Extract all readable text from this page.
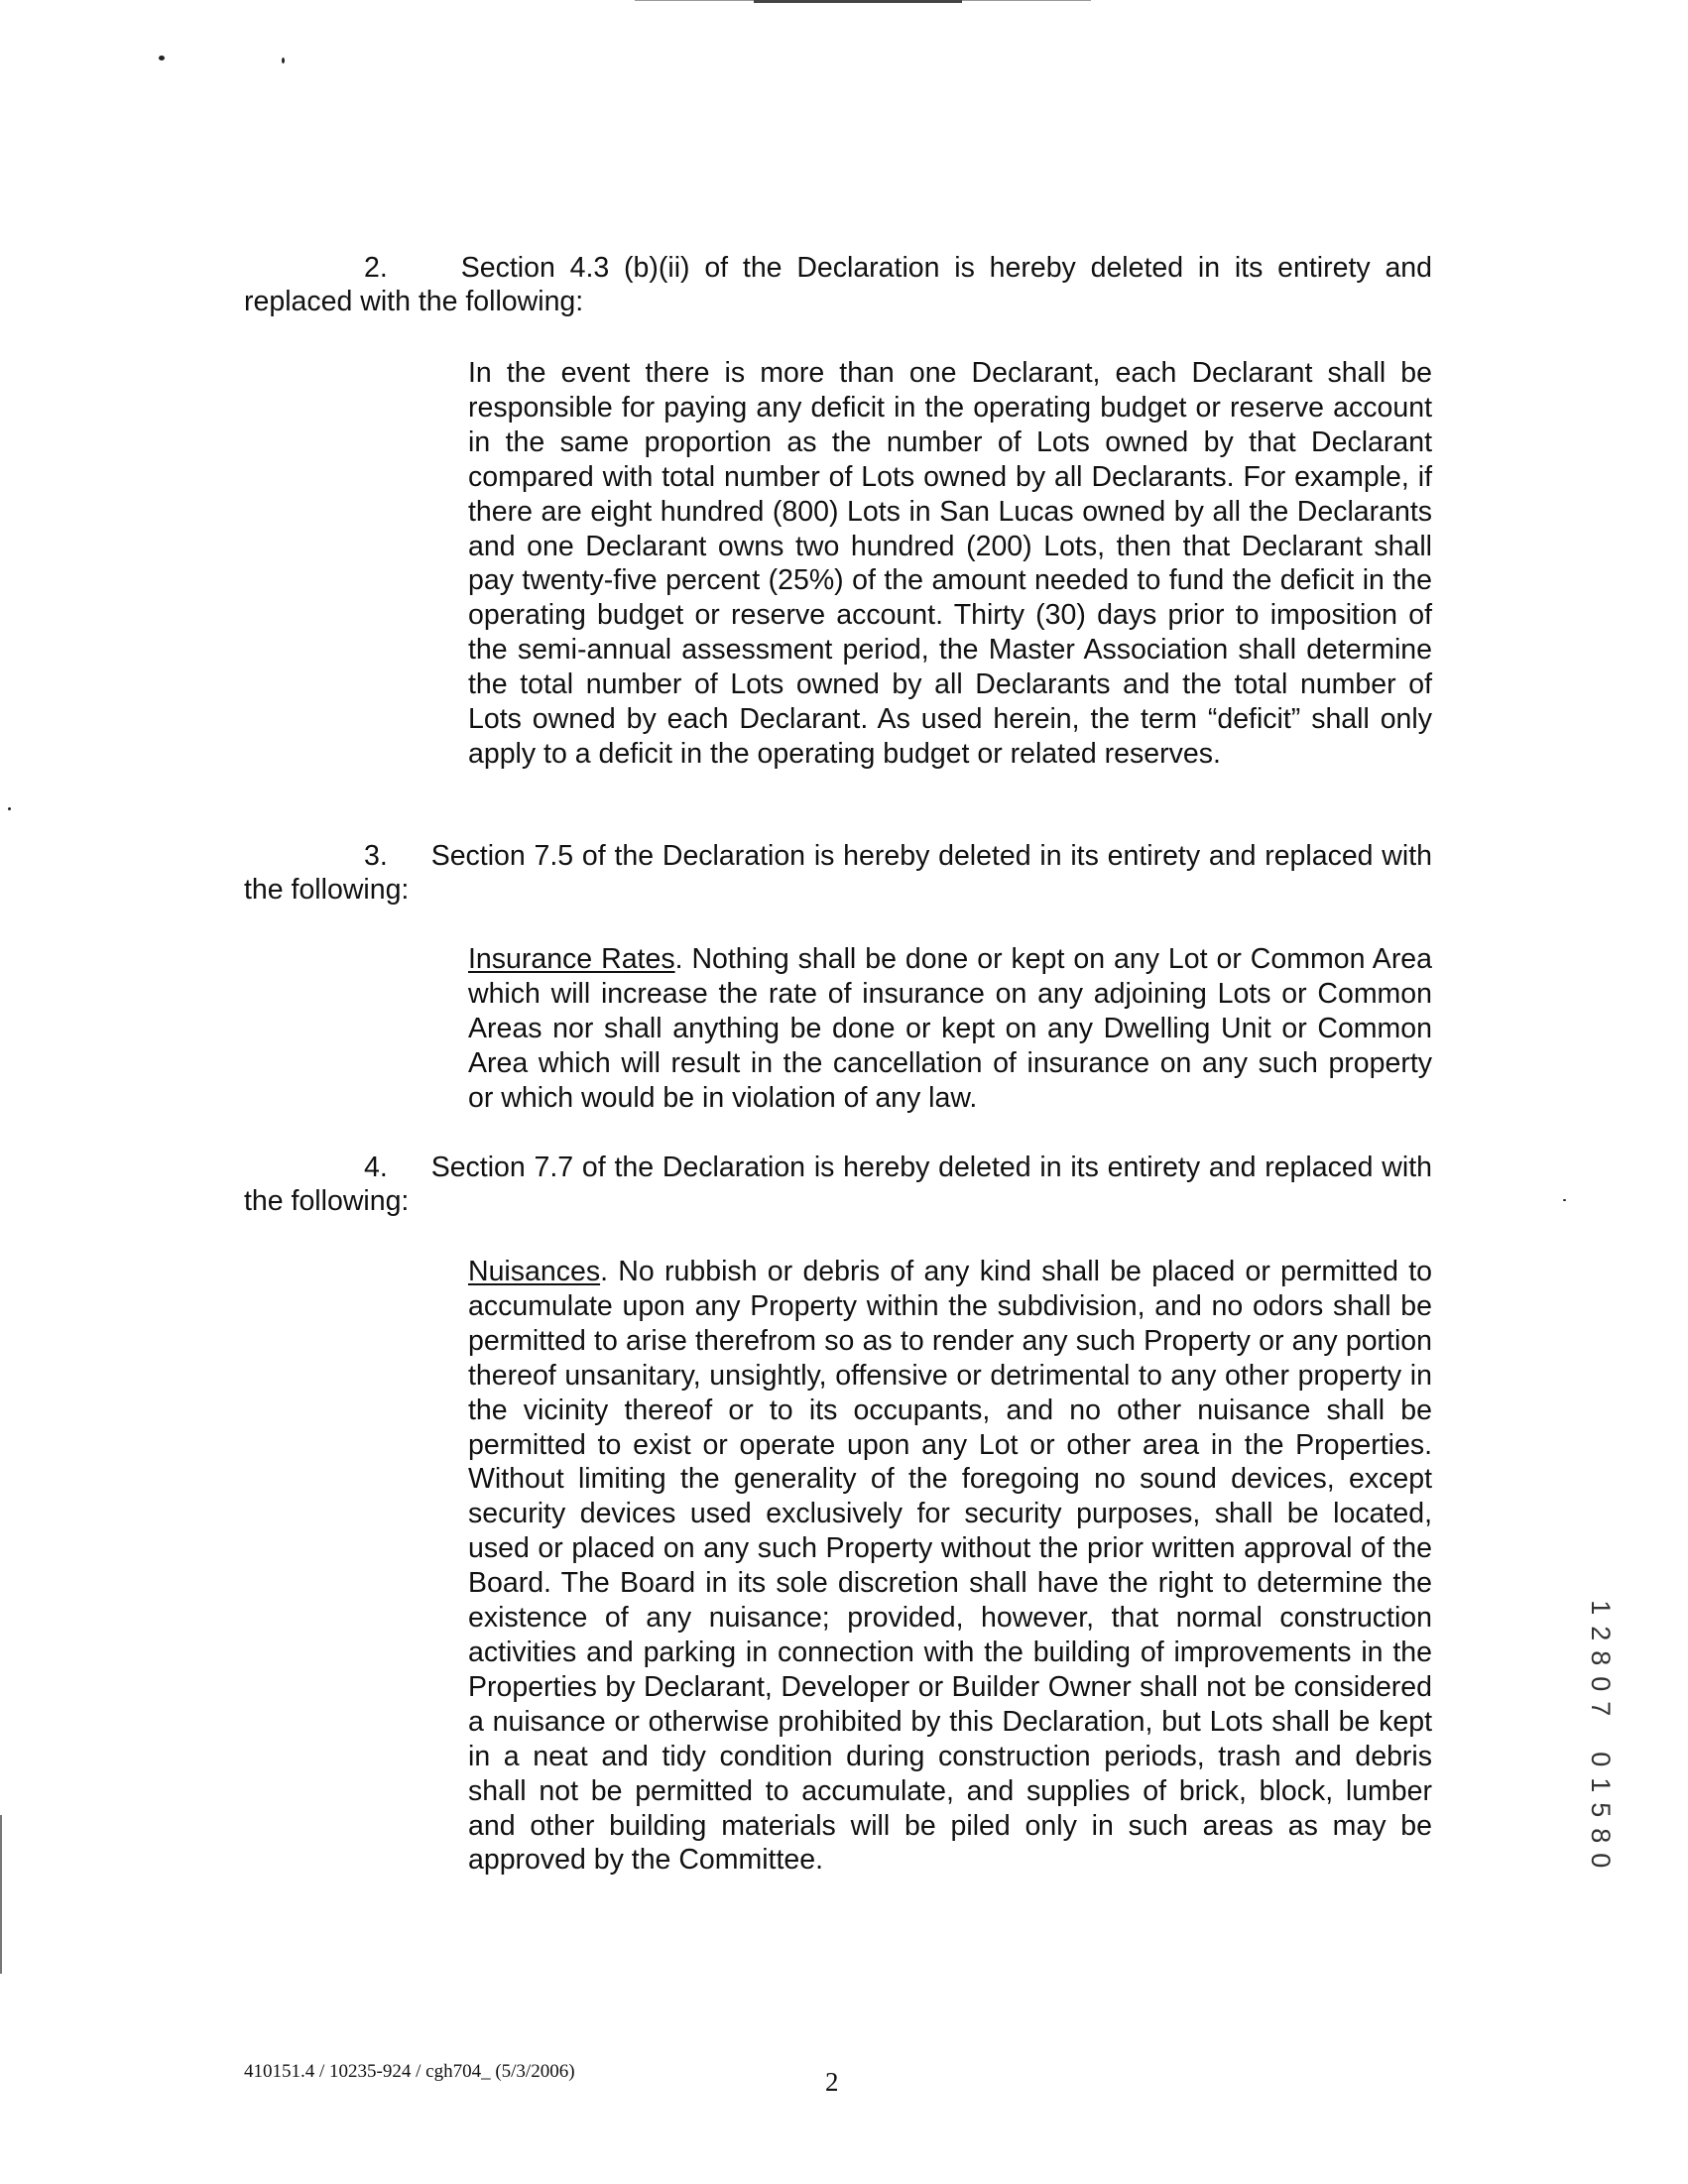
2.	Section 4.3 (b)(ii) of the Declaration is hereby deleted in its entirety and replaced with the following:
In the event there is more than one Declarant, each Declarant shall be responsible for paying any deficit in the operating budget or reserve account in the same proportion as the number of Lots owned by that Declarant compared with total number of Lots owned by all Declarants. For example, if there are eight hundred (800) Lots in San Lucas owned by all the Declarants and one Declarant owns two hundred (200) Lots, then that Declarant shall pay twenty-five percent (25%) of the amount needed to fund the deficit in the operating budget or reserve account. Thirty (30) days prior to imposition of the semi-annual assessment period, the Master Association shall determine the total number of Lots owned by all Declarants and the total number of Lots owned by each Declarant. As used herein, the term “deficit” shall only apply to a deficit in the operating budget or related reserves.
3. Section 7.5 of the Declaration is hereby deleted in its entirety and replaced with the following:
Insurance Rates. Nothing shall be done or kept on any Lot or Common Area which will increase the rate of insurance on any adjoining Lots or Common Areas nor shall anything be done or kept on any Dwelling Unit or Common Area which will result in the cancellation of insurance on any such property or which would be in violation of any law.
4. Section 7.7 of the Declaration is hereby deleted in its entirety and replaced with the following:
Nuisances. No rubbish or debris of any kind shall be placed or permitted to accumulate upon any Property within the subdivision, and no odors shall be permitted to arise therefrom so as to render any such Property or any portion thereof unsanitary, unsightly, offensive or detrimental to any other property in the vicinity thereof or to its occupants, and no other nuisance shall be permitted to exist or operate upon any Lot or other area in the Properties. Without limiting the generality of the foregoing no sound devices, except security devices used exclusively for security purposes, shall be located, used or placed on any such Property without the prior written approval of the Board. The Board in its sole discretion shall have the right to determine the existence of any nuisance; provided, however, that normal construction activities and parking in connection with the building of improvements in the Properties by Declarant, Developer or Builder Owner shall not be considered a nuisance or otherwise prohibited by this Declaration, but Lots shall be kept in a neat and tidy condition during construction periods, trash and debris shall not be permitted to accumulate, and supplies of brick, block, lumber and other building materials will be piled only in such areas as may be approved by the Committee.
1
2
8
0
7

0
1
5
8
0
410151.4 / 10235-924 / cgh704_ (5/3/2006)	2
